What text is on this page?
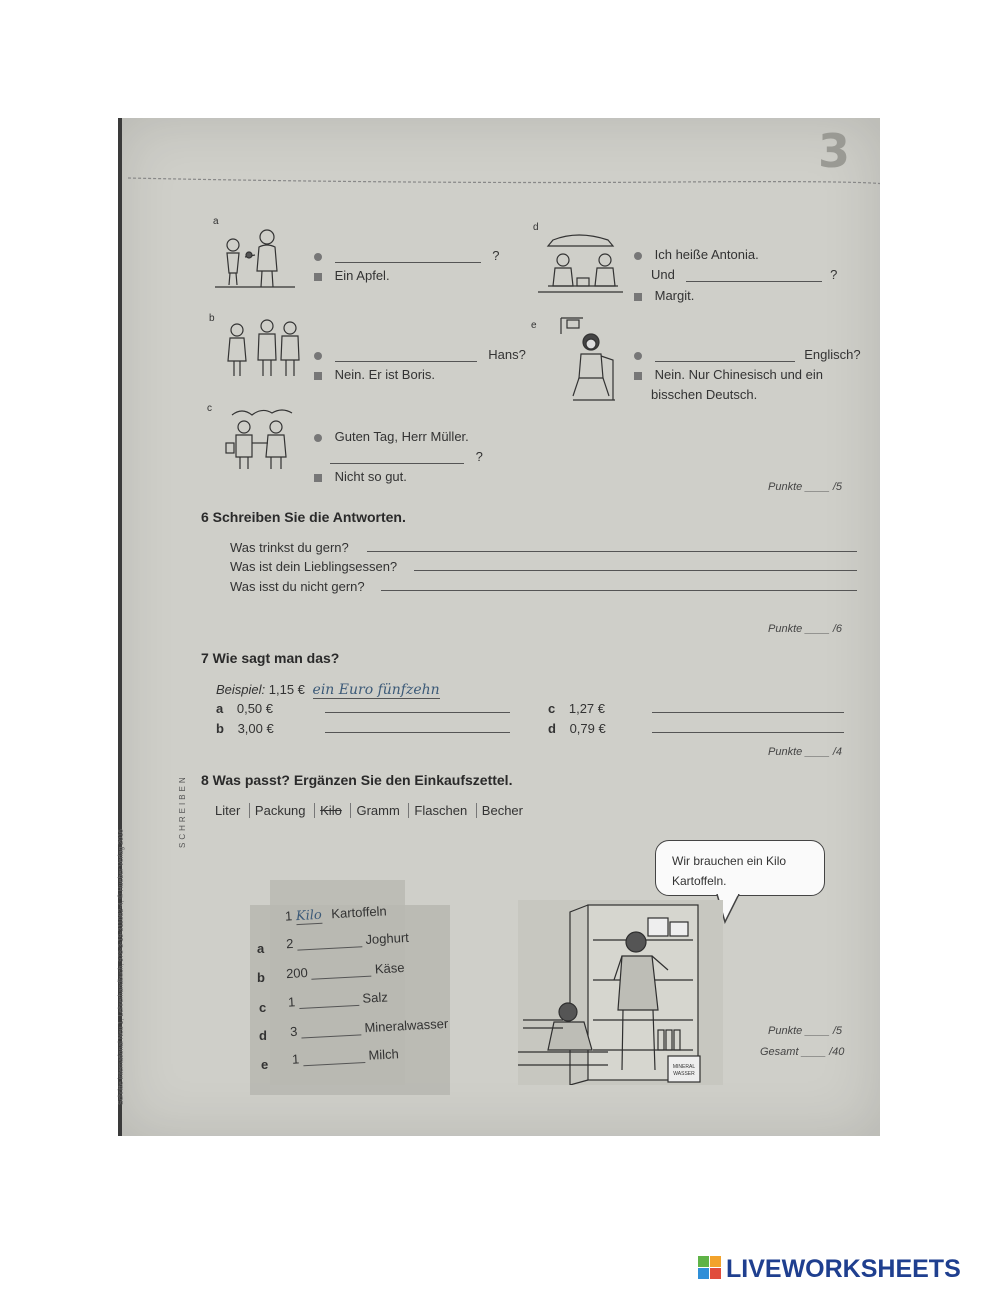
3
a
?
Ein Apfel.
b
Hans?
Nein. Er ist Boris.
c
Guten Tag, Herr Müller.
?
Nicht so gut.
d
Ich heiße Antonia.
Und	?
Margit.
e
Englisch?
Nein. Nur Chinesisch und ein
bisschen Deutsch.
Punkte ____ /5
6 Schreiben Sie die Antworten.
Was trinkst du gern?
Was ist dein Lieblingsessen?
Was isst du nicht gern?
Punkte ____ /6
7 Wie sagt man das?
Beispiel: 1,15 € ein Euro fünfzehn
a 0,50 €
b 3,00 €
c 1,27 €
d 0,79 €
Punkte ____ /4
8 Was passt? Ergänzen Sie den Einkaufszettel.
Liter Packung Kilo Gramm Flaschen Becher
1 Kilo Kartoffeln
a 2	Joghurt
b 200	Käse
c 1	Salz
d 3	Mineralwasser
e 1	Milch
Wir brauchen ein Kilo Kartoffeln.
MINERAL
WASSER
Punkte ____ /5
Gesamt ____ /40
SCHREIBEN
Schritte international Neu 1, Lehrerhandbuch, 978-3-19-311082-4, © Hueber Verlag 2016
LIVEWORKSHEETS
